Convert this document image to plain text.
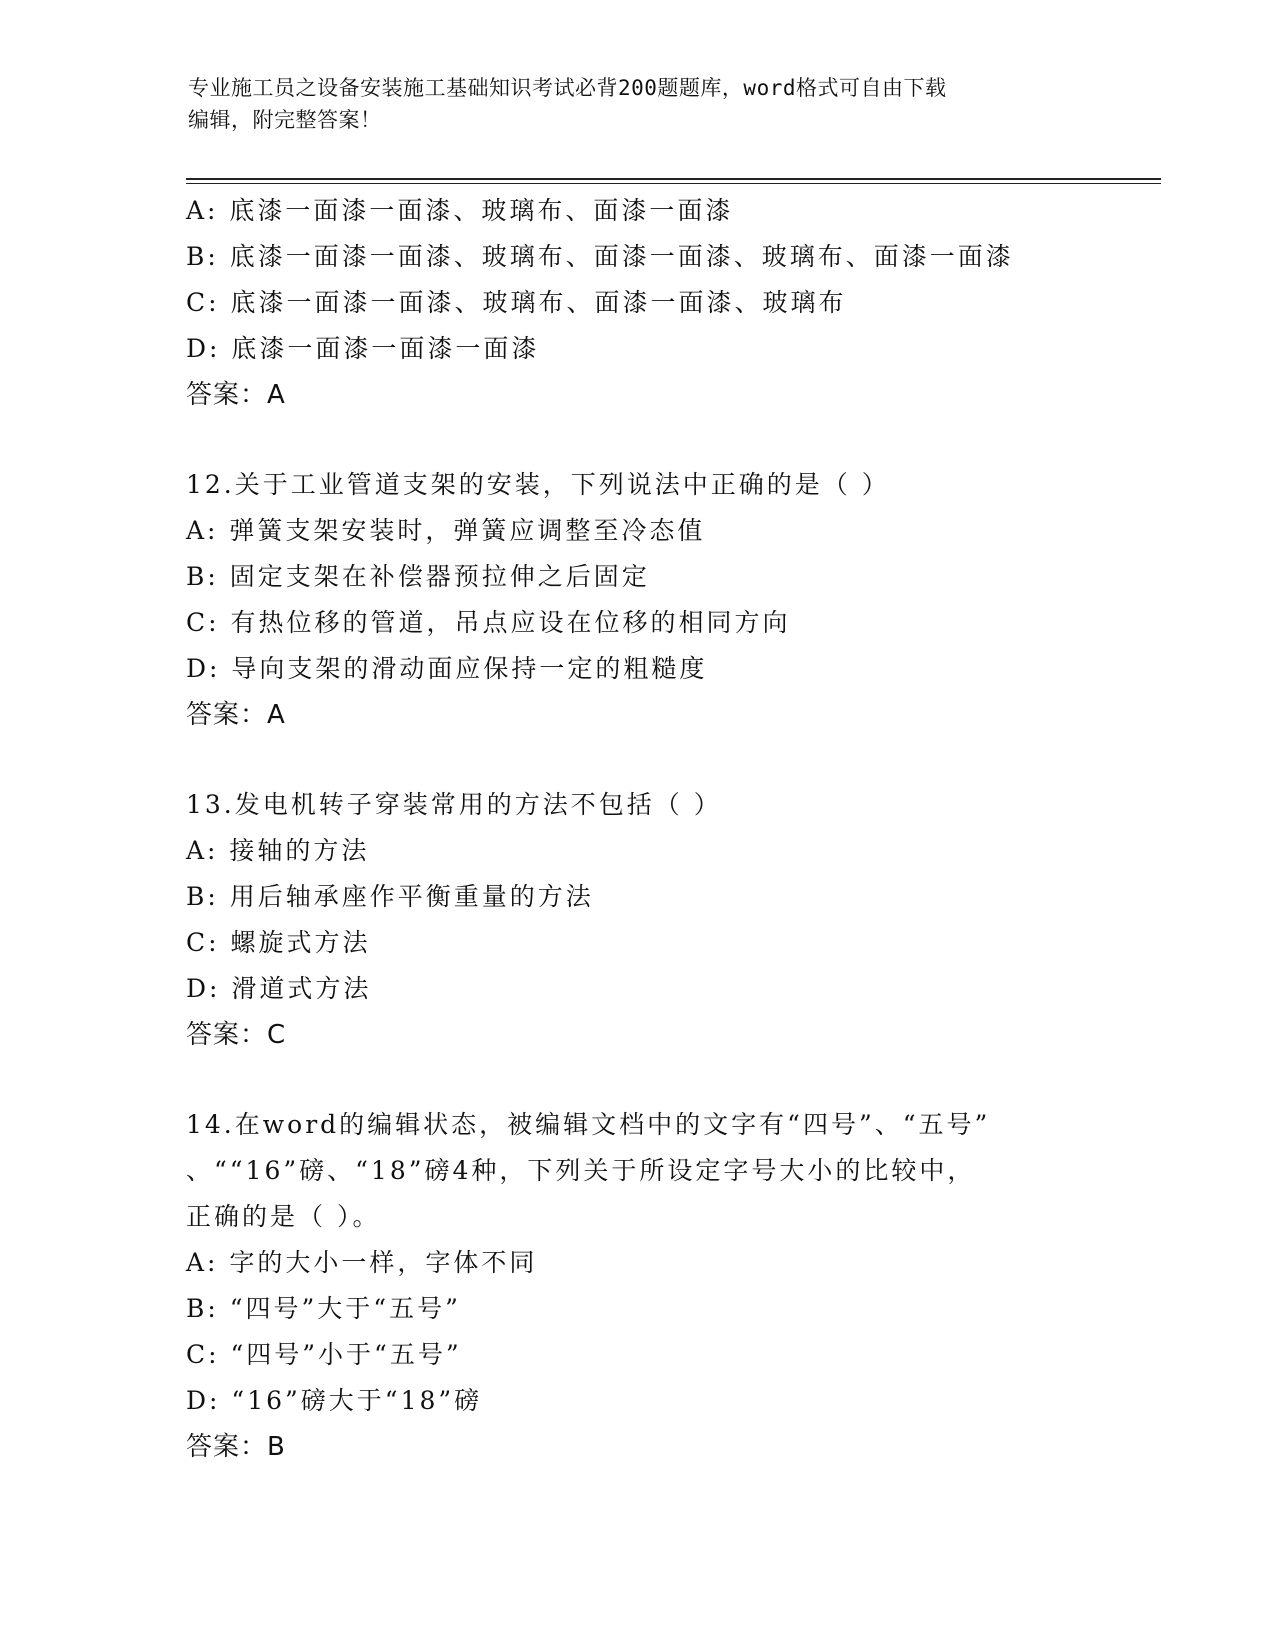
专业施工员之设备安装施工基础知识考试必背200题题库，word格式可自由下载
编辑，附完整答案！
A: 底漆一面漆一面漆、玻璃布、面漆一面漆
B: 底漆一面漆一面漆、玻璃布、面漆一面漆、玻璃布、面漆一面漆
C: 底漆一面漆一面漆、玻璃布、面漆一面漆、玻璃布
D: 底漆一面漆一面漆一面漆
答案：A
12.关于工业管道支架的安装，下列说法中正确的是（ ）
A: 弹簧支架安装时，弹簧应调整至冷态值
B: 固定支架在补偿器预拉伸之后固定
C: 有热位移的管道，吊点应设在位移的相同方向
D: 导向支架的滑动面应保持一定的粗糙度
答案：A
13.发电机转子穿装常用的方法不包括（ ）
A: 接轴的方法
B: 用后轴承座作平衡重量的方法
C: 螺旋式方法
D: 滑道式方法
答案：C
14.在word的编辑状态，被编辑文档中的文字有“四号”、“五号”
、““16”磅、“18”磅4种，下列关于所设定字号大小的比较中，
正确的是（ ）。
A: 字的大小一样，字体不同
B: “四号”大于“五号”
C: “四号”小于“五号”
D: “16”磅大于“18”磅
答案：B
